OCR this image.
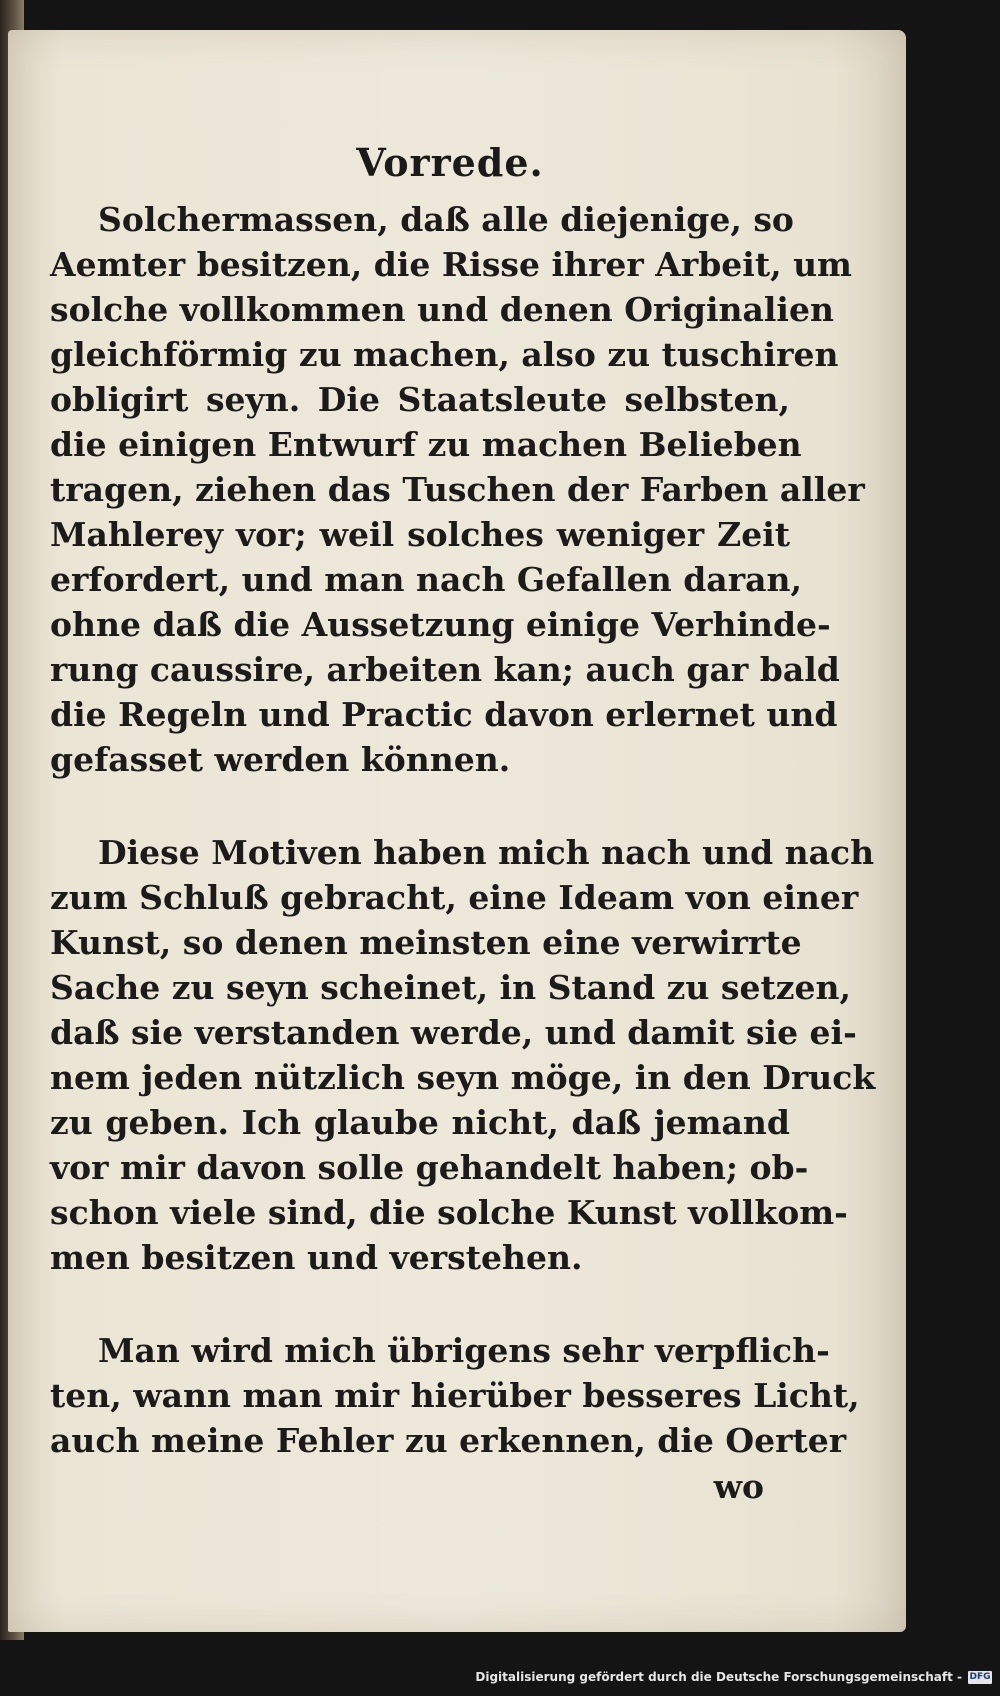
Vorrede.
Solchermassen, daß alle diejenige, so
Aemter besitzen, die Risse ihrer Arbeit, um
solche vollkommen und denen Originalien
gleichförmig zu machen, also zu tuschiren
obligirt seyn. Die Staatsleute selbsten,
die einigen Entwurf zu machen Belieben
tragen, ziehen das Tuschen der Farben aller
Mahlerey vor; weil solches weniger Zeit
erfordert, und man nach Gefallen daran,
ohne daß die Aussetzung einige Verhinde-
rung caussire, arbeiten kan; auch gar bald
die Regeln und Practic davon erlernet und
gefasset werden können.
Diese Motiven haben mich nach und nach
zum Schluß gebracht, eine Ideam von einer
Kunst, so denen meinsten eine verwirrte
Sache zu seyn scheinet, in Stand zu setzen,
daß sie verstanden werde, und damit sie ei-
nem jeden nützlich seyn möge, in den Druck
zu geben. Ich glaube nicht, daß jemand
vor mir davon solle gehandelt haben; ob-
schon viele sind, die solche Kunst vollkom-
men besitzen und verstehen.
Man wird mich übrigens sehr verpflich-
ten, wann man mir hierüber besseres Licht,
auch meine Fehler zu erkennen, die Oerter
wo
Digitalisierung gefördert durch die Deutsche Forschungsgemeinschaft - DFG
